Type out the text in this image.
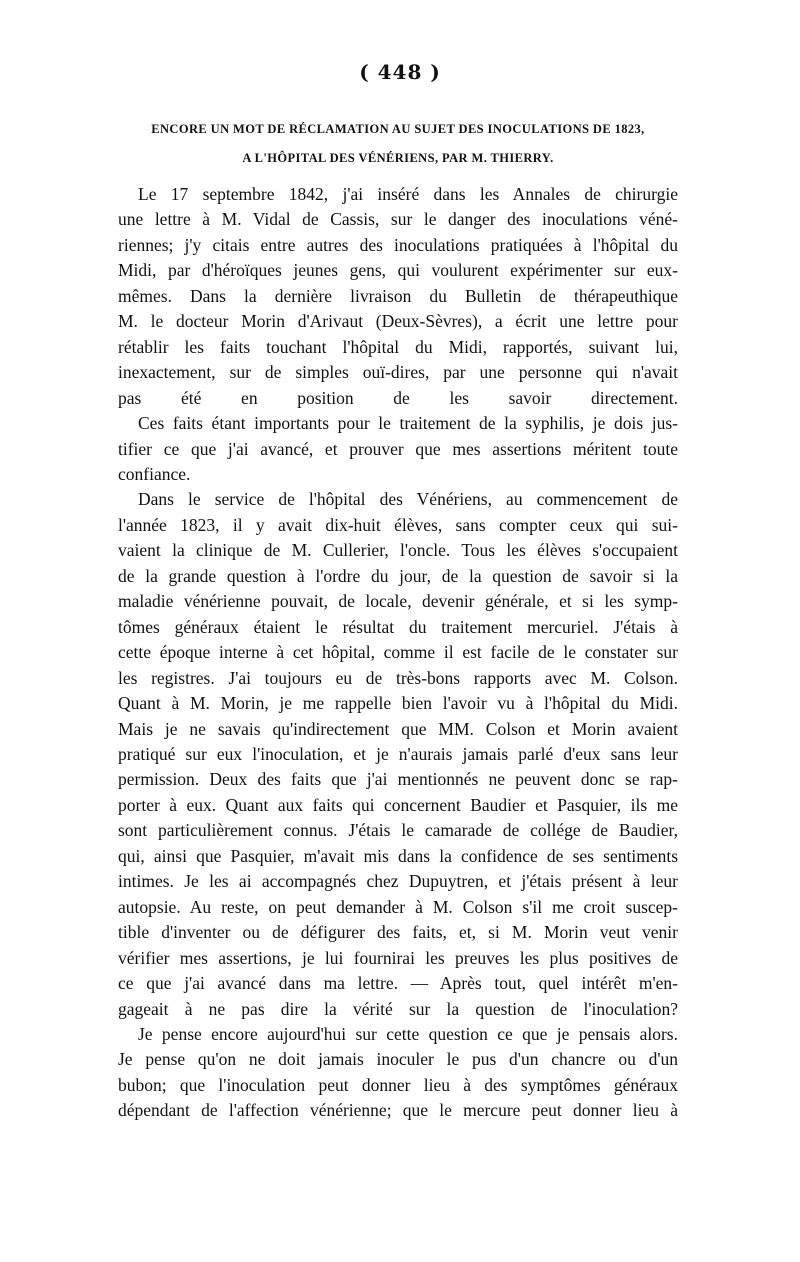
( 448 )
ENCORE UN MOT DE RÉCLAMATION AU SUJET DES INOCULATIONS DE 1823,
A L'HÔPITAL DES VÉNÉRIENS, PAR M. THIERRY.

Le 17 septembre 1842, j'ai inséré dans les Annales de chirurgie
une lettre à M. Vidal de Cassis, sur le danger des inoculations véné-
riennes; j'y citais entre autres des inoculations pratiquées à l'hôpital du
Midi, par d'héroïques jeunes gens, qui voulurent expérimenter sur eux-
mêmes. Dans la dernière livraison du Bulletin de thérapeuthique
M. le docteur Morin d'Arivaut (Deux-Sèvres), a écrit une lettre pour
rétablir les faits touchant l'hôpital du Midi, rapportés, suivant lui,
inexactement, sur de simples ouï-dires, par une personne qui n'avait
pas été en position de les savoir directement.

Ces faits étant importants pour le traitement de la syphilis, je dois jus-
tifier ce que j'ai avancé, et prouver que mes assertions méritent toute
confiance.

Dans le service de l'hôpital des Vénériens, au commencement de
l'année 1823, il y avait dix-huit élèves, sans compter ceux qui sui-
vaient la clinique de M. Cullerier, l'oncle. Tous les élèves s'occupaient
de la grande question à l'ordre du jour, de la question de savoir si la
maladie vénérienne pouvait, de locale, devenir générale, et si les symp-
tômes généraux étaient le résultat du traitement mercuriel. J'étais à
cette époque interne à cet hôpital, comme il est facile de le constater sur
les registres. J'ai toujours eu de très-bons rapports avec M. Colson.
Quant à M. Morin, je me rappelle bien l'avoir vu à l'hôpital du Midi.
Mais je ne savais qu'indirectement que MM. Colson et Morin avaient
pratiqué sur eux l'inoculation, et je n'aurais jamais parlé d'eux sans leur
permission. Deux des faits que j'ai mentionnés ne peuvent donc se rap-
porter à eux. Quant aux faits qui concernent Baudier et Pasquier, ils me
sont particulièrement connus. J'étais le camarade de collége de Baudier,
qui, ainsi que Pasquier, m'avait mis dans la confidence de ses sentiments
intimes. Je les ai accompagnés chez Dupuytren, et j'étais présent à leur
autopsie. Au reste, on peut demander à M. Colson s'il me croit suscep-
tible d'inventer ou de défigurer des faits, et, si M. Morin veut venir
vérifier mes assertions, je lui fournirai les preuves les plus positives de
ce que j'ai avancé dans ma lettre. — Après tout, quel intérêt m'en-
gageait à ne pas dire la vérité sur la question de l'inoculation?

Je pense encore aujourd'hui sur cette question ce que je pensais alors.
Je pense qu'on ne doit jamais inoculer le pus d'un chancre ou d'un
bubon; que l'inoculation peut donner lieu à des symptômes généraux
dépendant de l'affection vénérienne; que le mercure peut donner lieu à
